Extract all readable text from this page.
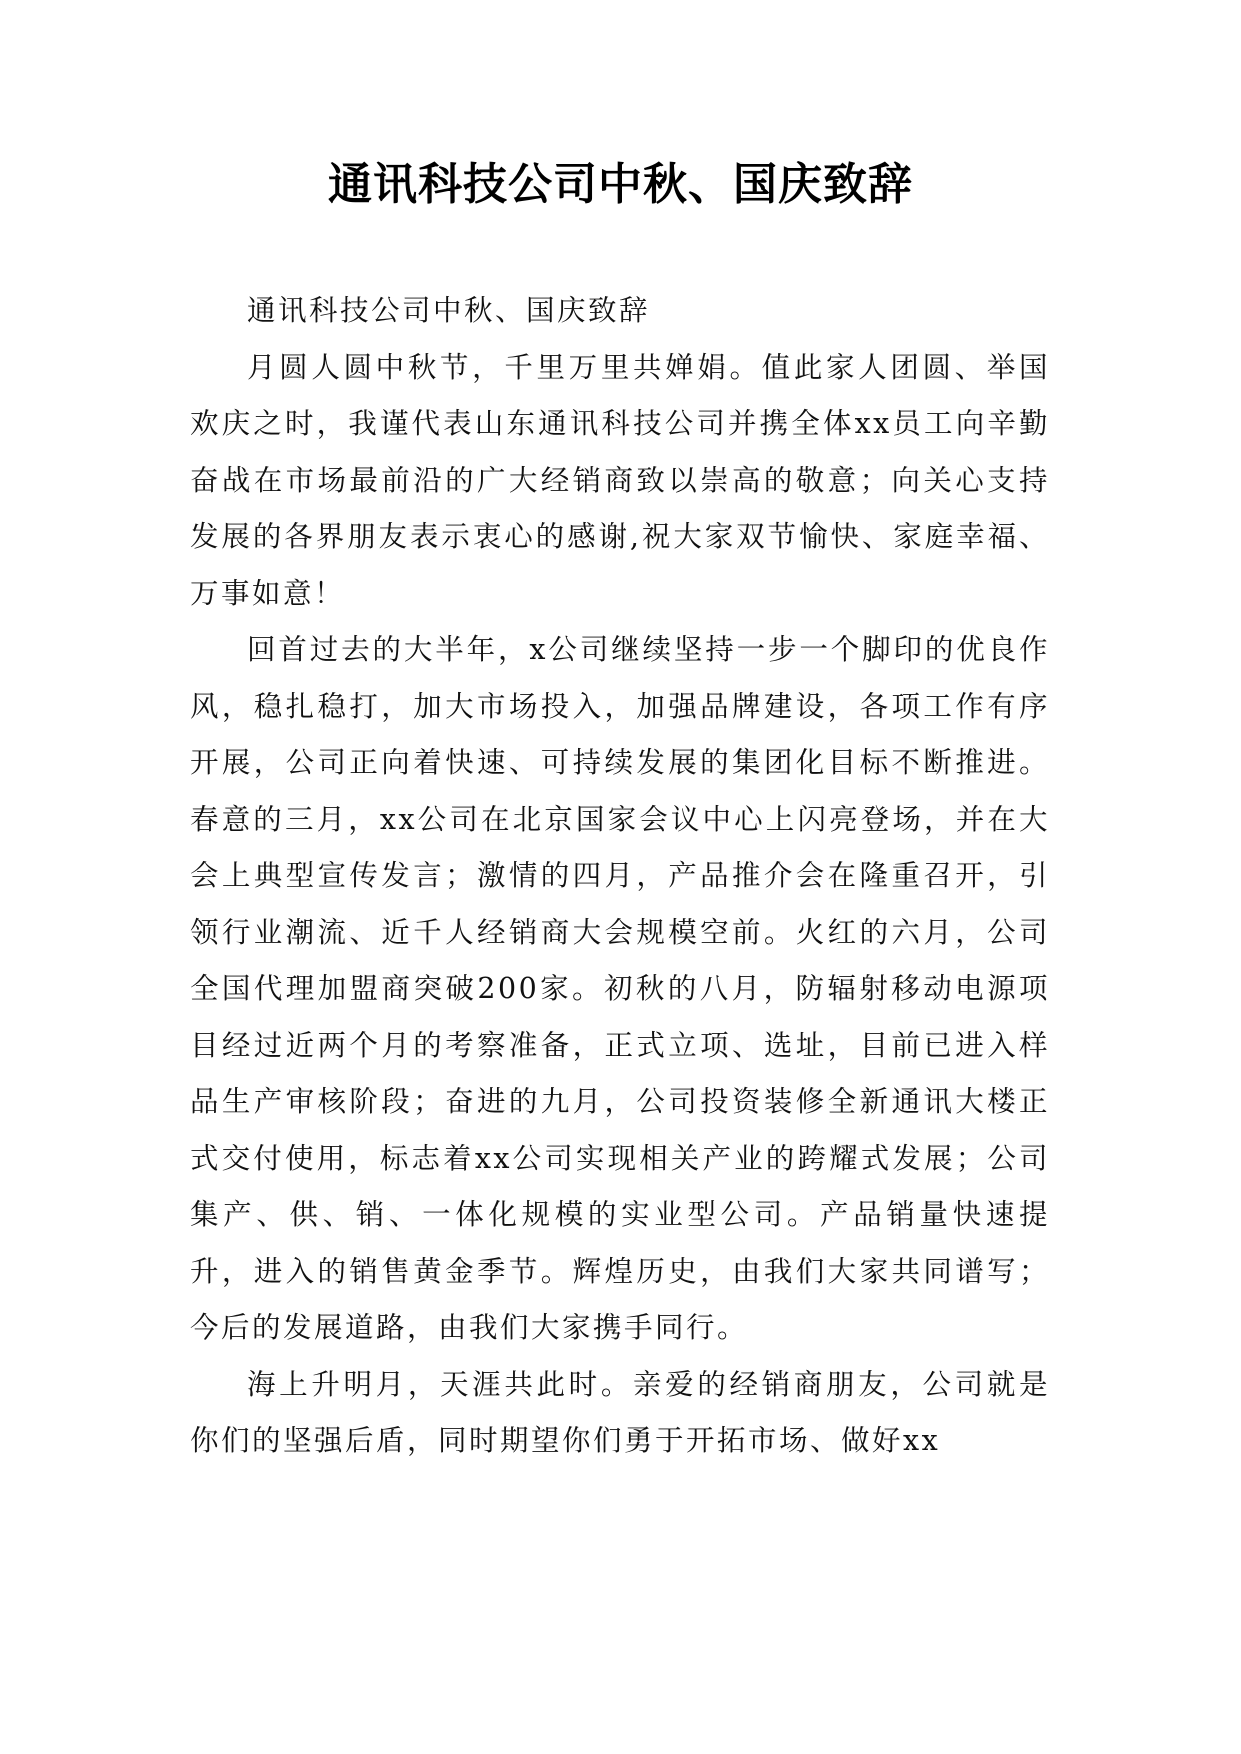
通讯科技公司中秋、国庆致辞

通讯科技公司中秋、国庆致辞

月圆人圆中秋节，千里万里共婵娟。值此家人团圆、举国欢庆之时，我谨代表山东通讯科技公司并携全体xx员工向辛勤奋战在市场最前沿的广大经销商致以崇高的敬意；向关心支持发展的各界朋友表示衷心的感谢,祝大家双节愉快、家庭幸福、万事如意！

回首过去的大半年，x公司继续坚持一步一个脚印的优良作风，稳扎稳打，加大市场投入，加强品牌建设，各项工作有序开展，公司正向着快速、可持续发展的集团化目标不断推进。春意的三月，xx公司在北京国家会议中心上闪亮登场，并在大会上典型宣传发言；激情的四月，产品推介会在隆重召开，引领行业潮流、近千人经销商大会规模空前。火红的六月，公司全国代理加盟商突破200家。初秋的八月，防辐射移动电源项目经过近两个月的考察准备，正式立项、选址，目前已进入样品生产审核阶段；奋进的九月，公司投资装修全新通讯大楼正式交付使用，标志着xx公司实现相关产业的跨耀式发展；公司集产、供、销、一体化规模的实业型公司。产品销量快速提升，进入的销售黄金季节。辉煌历史，由我们大家共同谱写；今后的发展道路，由我们大家携手同行。

海上升明月，天涯共此时。亲爱的经销商朋友，公司就是你们的坚强后盾，同时期望你们勇于开拓市场、做好xx
